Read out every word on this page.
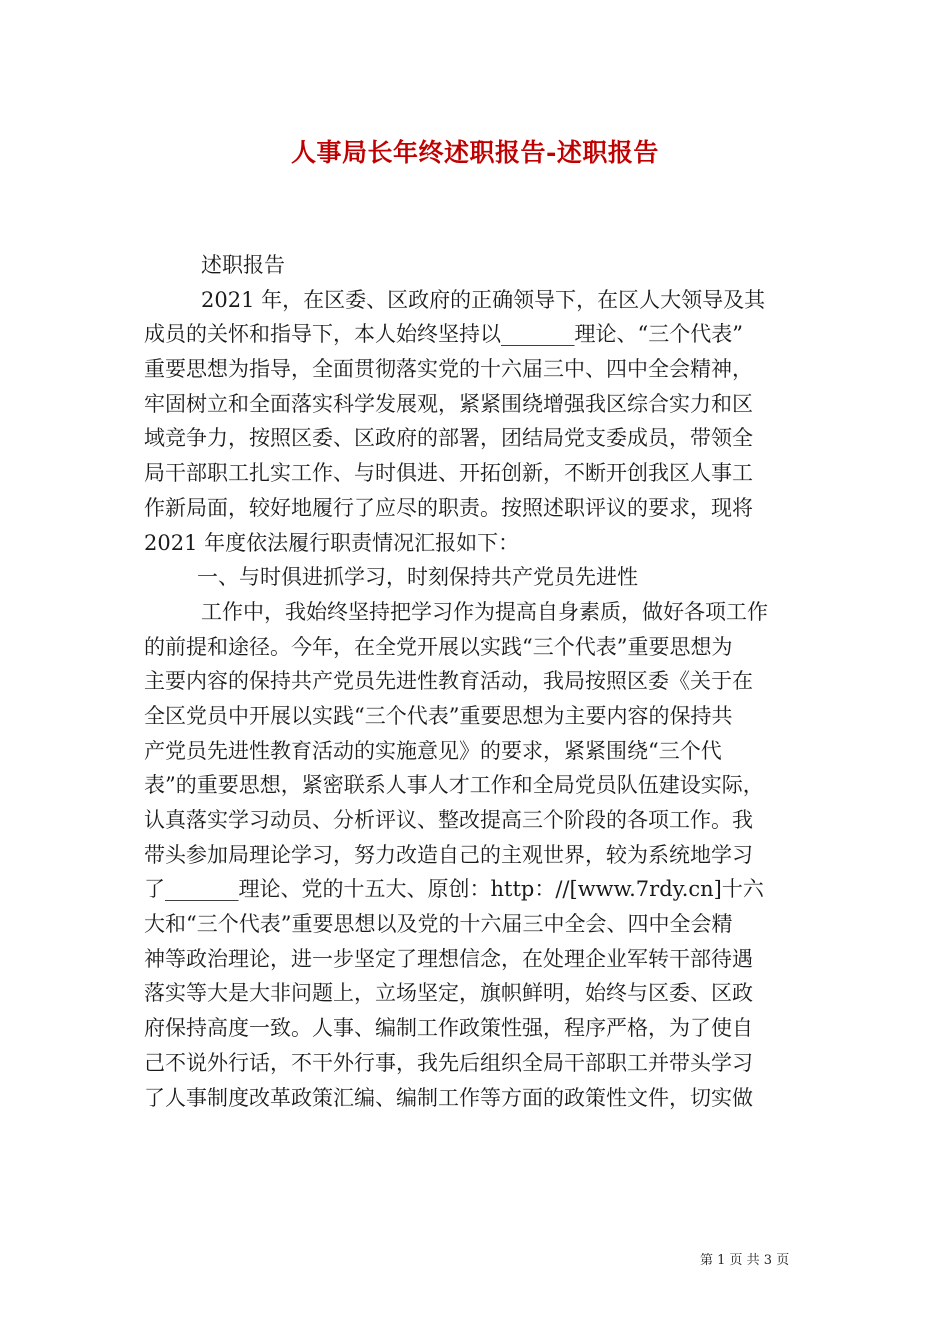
人事局长年终述职报告-述职报告
述职报告
2021 年，在区委、区政府的正确领导下，在区人大领导及其
成员的关怀和指导下，本人始终坚持以_______理论、“三个代表”
重要思想为指导，全面贯彻落实党的十六届三中、四中全会精神，
牢固树立和全面落实科学发展观，紧紧围绕增强我区综合实力和区
域竞争力，按照区委、区政府的部署，团结局党支委成员，带领全
局干部职工扎实工作、与时俱进、开拓创新，不断开创我区人事工
作新局面，较好地履行了应尽的职责。按照述职评议的要求，现将
2021 年度依法履行职责情况汇报如下：
一、与时俱进抓学习，时刻保持共产党员先进性
工作中，我始终坚持把学习作为提高自身素质，做好各项工作
的前提和途径。今年，在全党开展以实践“三个代表”重要思想为
主要内容的保持共产党员先进性教育活动，我局按照区委《关于在
全区党员中开展以实践“三个代表”重要思想为主要内容的保持共
产党员先进性教育活动的实施意见》的要求，紧紧围绕“三个代
表”的重要思想，紧密联系人事人才工作和全局党员队伍建设实际，
认真落实学习动员、分析评议、整改提高三个阶段的各项工作。我
带头参加局理论学习，努力改造自己的主观世界，较为系统地学习
了_______理论、党的十五大、原创：http：//[www.7rdy.cn]十六
大和“三个代表”重要思想以及党的十六届三中全会、四中全会精
神等政治理论，进一步坚定了理想信念，在处理企业军转干部待遇
落实等大是大非问题上，立场坚定，旗帜鲜明，始终与区委、区政
府保持高度一致。人事、编制工作政策性强，程序严格，为了使自
己不说外行话，不干外行事，我先后组织全局干部职工并带头学习
了人事制度改革政策汇编、编制工作等方面的政策性文件，切实做
第 1 页 共 3 页
